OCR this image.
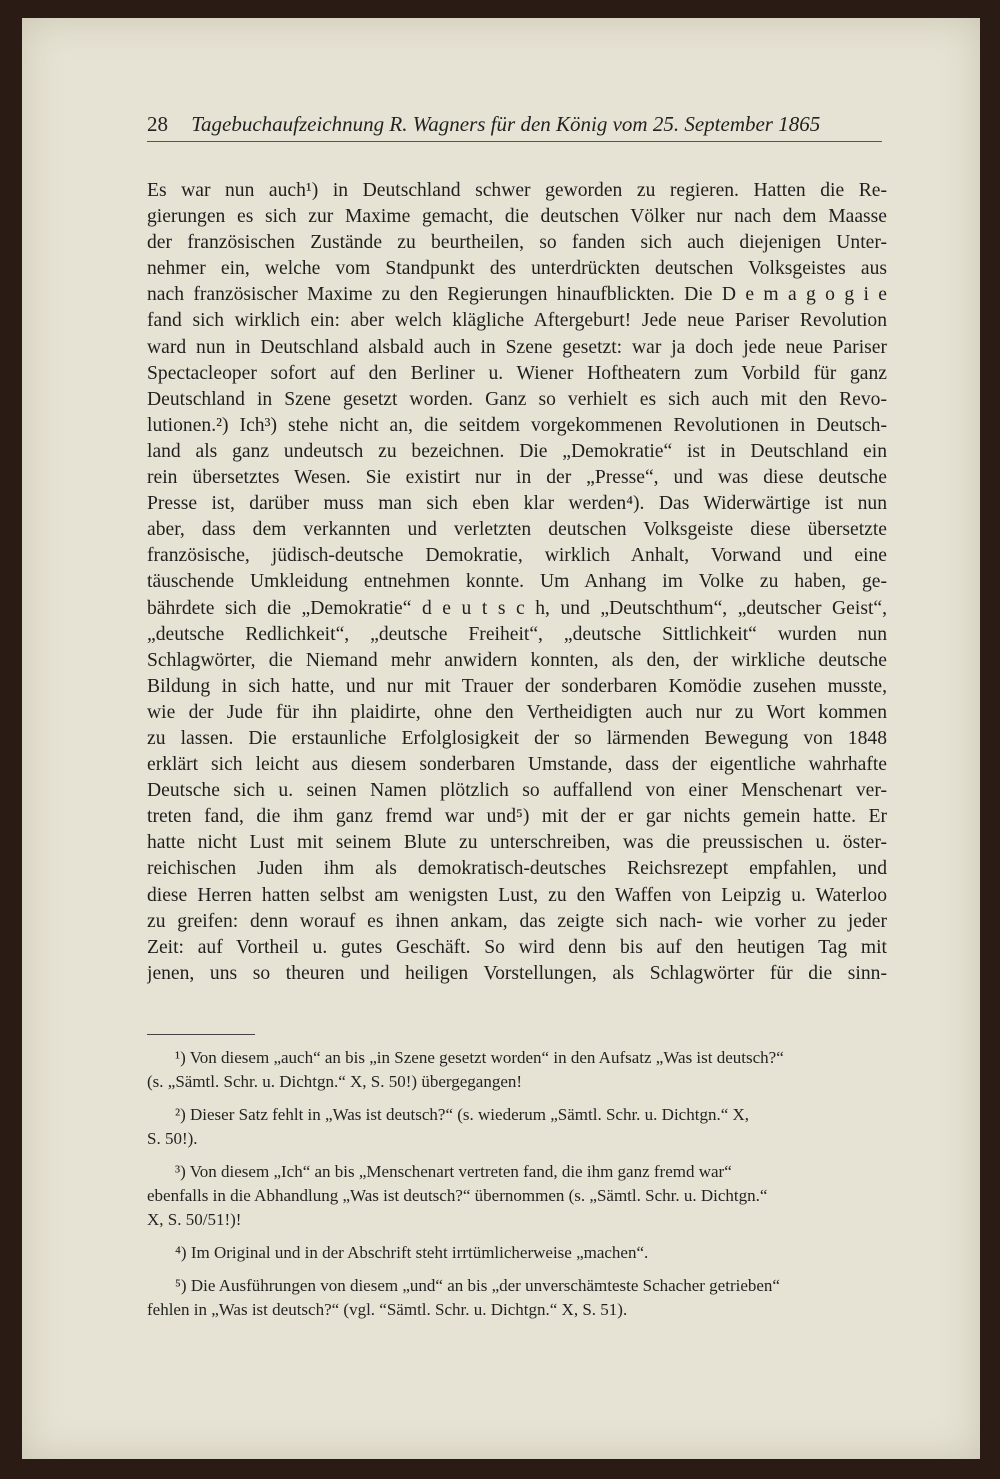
28 Tagebuchaufzeichnung R. Wagners für den König vom 25. September 1865
Es war nun auch¹) in Deutschland schwer geworden zu regieren. Hatten die Re-
gierungen es sich zur Maxime gemacht, die deutschen Völker nur nach dem Maasse
der französischen Zustände zu beurtheilen, so fanden sich auch diejenigen Unter-
nehmer ein, welche vom Standpunkt des unterdrückten deutschen Volksgeistes aus
nach französischer Maxime zu den Regierungen hinaufblickten. Die D e m a g o g i e
fand sich wirklich ein: aber welch klägliche Aftergeburt! Jede neue Pariser Revolution
ward nun in Deutschland alsbald auch in Szene gesetzt: war ja doch jede neue Pariser
Spectacleoper sofort auf den Berliner u. Wiener Hoftheatern zum Vorbild für ganz
Deutschland in Szene gesetzt worden. Ganz so verhielt es sich auch mit den Revo-
lutionen.²) Ich³) stehe nicht an, die seitdem vorgekommenen Revolutionen in Deutsch-
land als ganz undeutsch zu bezeichnen. Die „Demokratie“ ist in Deutschland ein
rein übersetztes Wesen. Sie existirt nur in der „Presse“, und was diese deutsche
Presse ist, darüber muss man sich eben klar werden⁴). Das Widerwärtige ist nun
aber, dass dem verkannten und verletzten deutschen Volksgeiste diese übersetzte
französische, jüdisch-deutsche Demokratie, wirklich Anhalt, Vorwand und eine
täuschende Umkleidung entnehmen konnte. Um Anhang im Volke zu haben, ge-
bährdete sich die „Demokratie“ d e u t s c h, und „Deutschthum“, „deutscher Geist“,
„deutsche Redlichkeit“, „deutsche Freiheit“, „deutsche Sittlichkeit“ wurden nun
Schlagwörter, die Niemand mehr anwidern konnten, als den, der wirkliche deutsche
Bildung in sich hatte, und nur mit Trauer der sonderbaren Komödie zusehen musste,
wie der Jude für ihn plaidirte, ohne den Vertheidigten auch nur zu Wort kommen
zu lassen. Die erstaunliche Erfolglosigkeit der so lärmenden Bewegung von 1848
erklärt sich leicht aus diesem sonderbaren Umstande, dass der eigentliche wahrhafte
Deutsche sich u. seinen Namen plötzlich so auffallend von einer Menschenart ver-
treten fand, die ihm ganz fremd war und⁵) mit der er gar nichts gemein hatte. Er
hatte nicht Lust mit seinem Blute zu unterschreiben, was die preussischen u. öster-
reichischen Juden ihm als demokratisch-deutsches Reichsrezept empfahlen, und
diese Herren hatten selbst am wenigsten Lust, zu den Waffen von Leipzig u. Waterloo
zu greifen: denn worauf es ihnen ankam, das zeigte sich nach- wie vorher zu jeder
Zeit: auf Vortheil u. gutes Geschäft. So wird denn bis auf den heutigen Tag mit
jenen, uns so theuren und heiligen Vorstellungen, als Schlagwörter für die sinn-
¹) Von diesem „auch“ an bis „in Szene gesetzt worden“ in den Aufsatz „Was ist deutsch?“
(s. „Sämtl. Schr. u. Dichtgn.“ X, S. 50!) übergegangen!
²) Dieser Satz fehlt in „Was ist deutsch?“ (s. wiederum „Sämtl. Schr. u. Dichtgn.“ X,
S. 50!).
³) Von diesem „Ich“ an bis „Menschenart vertreten fand, die ihm ganz fremd war“
ebenfalls in die Abhandlung „Was ist deutsch?“ übernommen (s. „Sämtl. Schr. u. Dichtgn.“
X, S. 50/51!)!
⁴) Im Original und in der Abschrift steht irrtümlicherweise „machen“.
⁵) Die Ausführungen von diesem „und“ an bis „der unverschämteste Schacher getrieben“
fehlen in „Was ist deutsch?“ (vgl. “Sämtl. Schr. u. Dichtgn.“ X, S. 51).
